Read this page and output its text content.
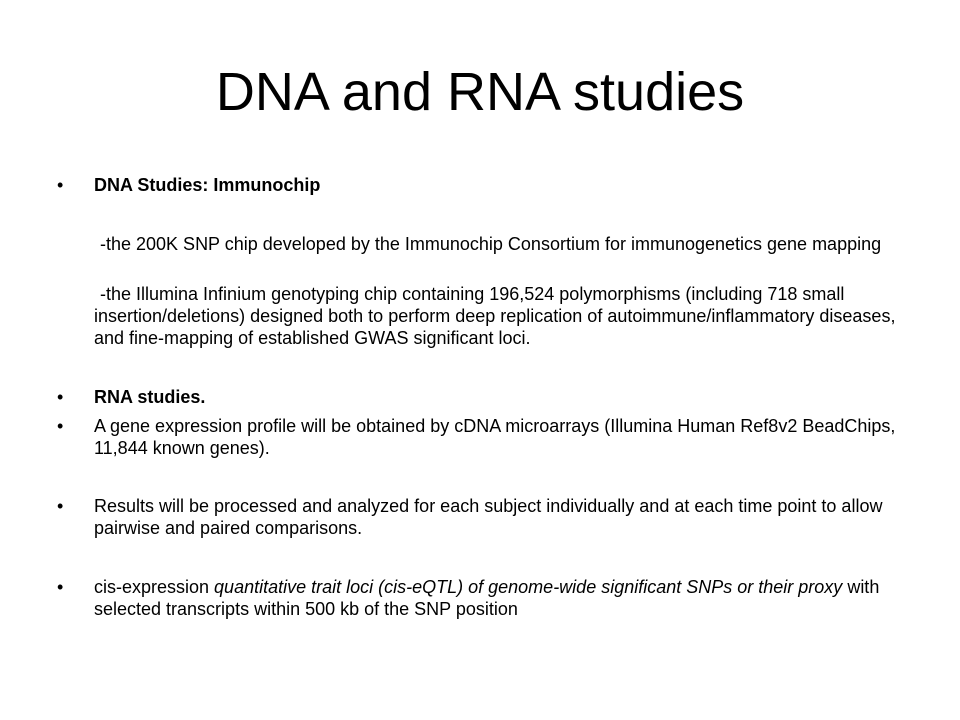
DNA and RNA studies
• DNA Studies: Immunochip

-the 200K SNP chip developed by the Immunochip Consortium for immunogenetics gene mapping

-the Illumina Infinium genotyping chip containing 196,524 polymorphisms (including 718 small insertion/deletions) designed both to perform deep replication of autoimmune/inflammatory diseases, and fine-mapping of established GWAS significant loci.

• RNA studies.

• A gene expression profile will be obtained by cDNA microarrays (Illumina Human Ref8v2 BeadChips, 11,844 known genes).

• Results will be processed and analyzed for each subject individually and at each time point to allow pairwise and paired comparisons.

• cis-expression quantitative trait loci (cis-eQTL) of genome-wide significant SNPs or their proxy with selected transcripts within 500 kb of the SNP position
